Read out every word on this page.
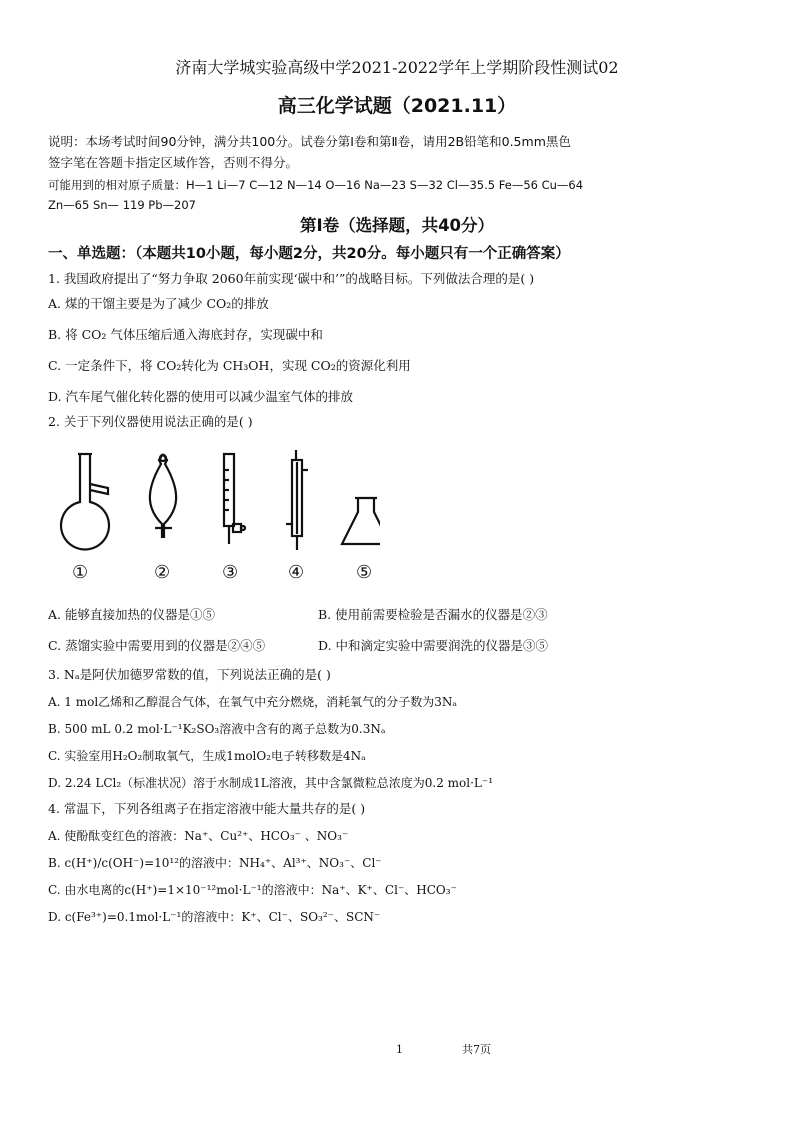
济南大学城实验高级中学2021-2022学年上学期阶段性测试02
高三化学试题（2021.11）
说明：本场考试时间90分钟，满分共100分。试卷分第Ⅰ卷和第Ⅱ卷，请用2B铅笔和0.5mm黑色
签字笔在答题卡指定区域作答，否则不得分。
可能用到的相对原子质量：H—1 Li—7 C—12 N—14 O—16 Na—23 S—32 Cl—35.5 Fe—56 Cu—64
Zn—65 Sn— 119 Pb—207
第Ⅰ卷（选择题，共40分）
一、单选题：（本题共10小题，每小题2分，共20分。每小题只有一个正确答案）
1. 我国政府提出了“努力争取 2060年前实现‘碳中和’”的战略目标。下列做法合理的是( )
A. 煤的干馏主要是为了减少 CO₂的排放
B. 将 CO₂ 气体压缩后通入海底封存，实现碳中和
C. 一定条件下，将 CO₂转化为 CH₃OH，实现 CO₂的资源化利用
D. 汽车尾气催化转化器的使用可以减少温室气体的排放
2. 关于下列仪器使用说法正确的是( )
①	②	③	④	⑤
A. 能够直接加热的仪器是①⑤	B. 使用前需要检验是否漏水的仪器是②③
C. 蒸馏实验中需要用到的仪器是②④⑤	D. 中和滴定实验中需要润洗的仪器是③⑤
3. Nₐ是阿伏加德罗常数的值，下列说法正确的是( )
A. 1 mol乙烯和乙醇混合气体，在氧气中充分燃烧，消耗氧气的分子数为3Nₐ
B. 500 mL 0.2 mol·L⁻¹K₂SO₃溶液中含有的离子总数为0.3Nₐ
C. 实验室用H₂O₂制取氧气，生成1molO₂电子转移数是4Nₐ
D. 2.24 LCl₂（标准状况）溶于水制成1L溶液，其中含氯微粒总浓度为0.2 mol·L⁻¹
4. 常温下，下列各组离子在指定溶液中能大量共存的是( )
A. 使酚酞变红色的溶液：Na⁺、Cu²⁺、HCO₃⁻ 、NO₃⁻
B. c(H⁺)/c(OH⁻)=10¹²的溶液中：NH₄⁺、Al³⁺、NO₃⁻、Cl⁻
C. 由水电离的c(H⁺)=1×10⁻¹²mol·L⁻¹的溶液中：Na⁺、K⁺、Cl⁻、HCO₃⁻
D. c(Fe³⁺)=0.1mol·L⁻¹的溶液中：K⁺、Cl⁻、SO₃²⁻、SCN⁻
1	共7页
